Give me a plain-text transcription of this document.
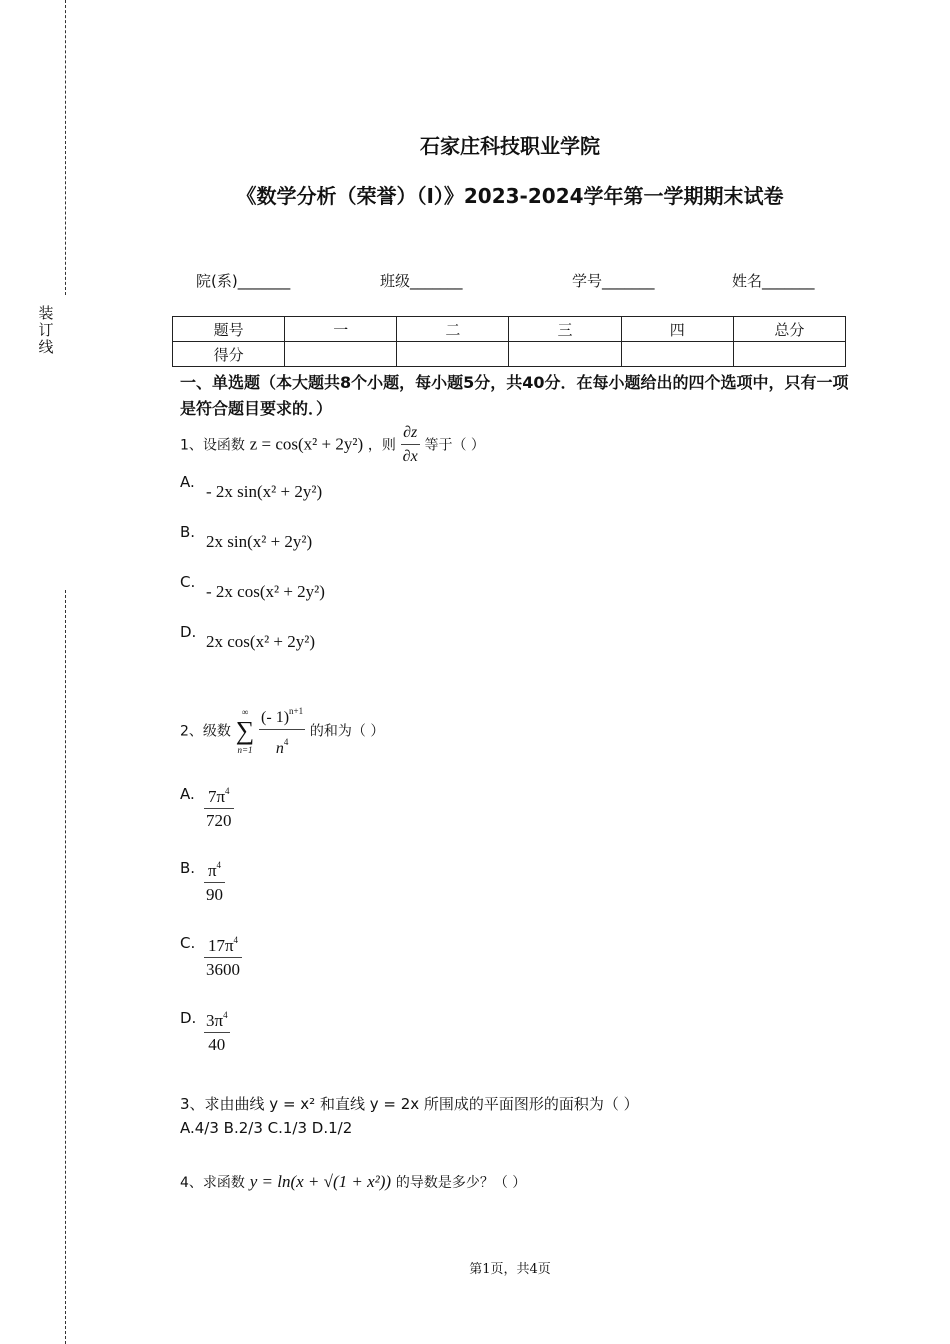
装
订
线
石家庄科技职业学院
《数学分析（荣誉）（Ⅰ）》2023-2024学年第一学期期末试卷
院(系)_______	班级_______	学号_______	姓名_______
题号	一	二	三	四	总分
得分					
一、单选题（本大题共8个小题，每小题5分，共40分．在每小题给出的四个选项中，只有一项是符合题目要求的．）
1、设函数 z = cos(x² + 2y²) ，则 $\frac{\partial z}{\partial x}$ 等于（ ）
A. - 2x sin(x² + 2y²)
B. 2x sin(x² + 2y²)
C. - 2x cos(x² + 2y²)
D. 2x cos(x² + 2y²)
2、级数
∞
∑
n=1
$\frac{(- 1)^{n+1}}{n^4}$ 的和为（ ）
A. $\frac{7\pi^4}{720}$
B. $\frac{\pi^4}{90}$
C. $\frac{17\pi^4}{3600}$
D. $\frac{3\pi^4}{40}$
3、求由曲线 y = x² 和直线 y = 2x 所围成的平面图形的面积为（ ）
A.4/3 B.2/3 C.1/3 D.1/2
4、求函数 y = ln(x + √(1 + x²)) 的导数是多少？（ ）
第1页，共4页
